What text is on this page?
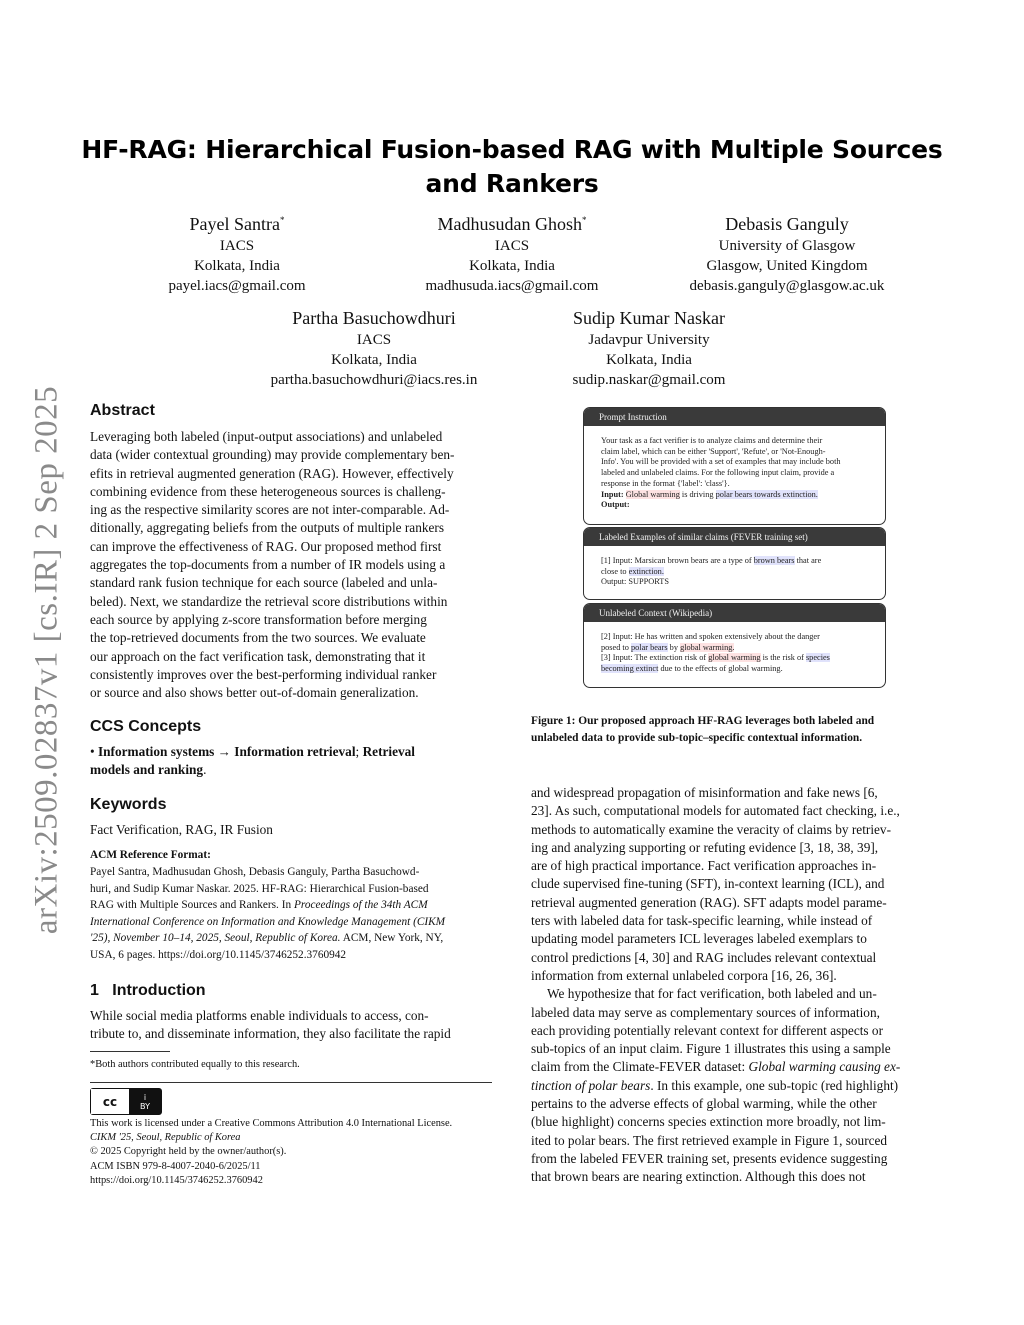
arXiv:2509.02837v1 [cs.IR] 2 Sep 2025
HF-RAG: Hierarchical Fusion-based RAG with Multiple Sources and Rankers
Payel Santra*
IACS
Kolkata, India
payel.iacs@gmail.com
Madhusudan Ghosh*
IACS
Kolkata, India
madhusuda.iacs@gmail.com
Debasis Ganguly
University of Glasgow
Glasgow, United Kingdom
debasis.ganguly@glasgow.ac.uk
Partha Basuchowdhuri
IACS
Kolkata, India
partha.basuchowdhuri@iacs.res.in
Sudip Kumar Naskar
Jadavpur University
Kolkata, India
sudip.naskar@gmail.com
Abstract
Leveraging both labeled (input-output associations) and unlabeled
data (wider contextual grounding) may provide complementary ben-
efits in retrieval augmented generation (RAG). However, effectively
combining evidence from these heterogeneous sources is challeng-
ing as the respective similarity scores are not inter-comparable. Ad-
ditionally, aggregating beliefs from the outputs of multiple rankers
can improve the effectiveness of RAG. Our proposed method first
aggregates the top-documents from a number of IR models using a
standard rank fusion technique for each source (labeled and unla-
beled). Next, we standardize the retrieval score distributions within
each source by applying z-score transformation before merging
the top-retrieved documents from the two sources. We evaluate
our approach on the fact verification task, demonstrating that it
consistently improves over the best-performing individual ranker
or source and also shows better out-of-domain generalization.
CCS Concepts
• Information systems → Information retrieval; Retrieval
models and ranking.
Keywords
Fact Verification, RAG, IR Fusion
ACM Reference Format:
Payel Santra, Madhusudan Ghosh, Debasis Ganguly, Partha Basuchowd-
huri, and Sudip Kumar Naskar. 2025. HF-RAG: Hierarchical Fusion-based
RAG with Multiple Sources and Rankers. In Proceedings of the 34th ACM
International Conference on Information and Knowledge Management (CIKM
'25), November 10–14, 2025, Seoul, Republic of Korea. ACM, New York, NY,
USA, 6 pages. https://doi.org/10.1145/3746252.3760942
1 Introduction
While social media platforms enable individuals to access, con-
tribute to, and disseminate information, they also facilitate the rapid
*Both authors contributed equally to this research.
cc	i
BY
This work is licensed under a Creative Commons Attribution 4.0 International License.
CIKM '25, Seoul, Republic of Korea
© 2025 Copyright held by the owner/author(s).
ACM ISBN 979-8-4007-2040-6/2025/11
https://doi.org/10.1145/3746252.3760942
Prompt Instruction
Your task as a fact verifier is to analyze claims and determine their
claim label, which can be either 'Support', 'Refute', or 'Not-Enough-
Info'. You will be provided with a set of examples that may include both
labeled and unlabeled claims. For the following input claim, provide a
response in the format {'label': 'class'}.
Input: Global warming is driving polar bears towards extinction.
Output:
Labeled Examples of similar claims (FEVER training set)
[1] Input: Marsican brown bears are a type of brown bears that are
close to extinction.
Output: SUPPORTS
Unlabeled Context (Wikipedia)
[2] Input: He has written and spoken extensively about the danger
posed to polar bears by global warming.
[3] Input: The extinction risk of global warming is the risk of species
becoming extinct due to the effects of global warming.
Figure 1: Our proposed approach HF-RAG leverages both labeled and
unlabeled data to provide sub-topic–specific contextual information.
and widespread propagation of misinformation and fake news [6,
23]. As such, computational models for automated fact checking, i.e.,
methods to automatically examine the veracity of claims by retriev-
ing and analyzing supporting or refuting evidence [3, 18, 38, 39],
are of high practical importance. Fact verification approaches in-
clude supervised fine-tuning (SFT), in-context learning (ICL), and
retrieval augmented generation (RAG). SFT adapts model parame-
ters with labeled data for task-specific learning, while instead of
updating model parameters ICL leverages labeled exemplars to
control predictions [4, 30] and RAG includes relevant contextual
information from external unlabeled corpora [16, 26, 36].
We hypothesize that for fact verification, both labeled and un-
labeled data may serve as complementary sources of information,
each providing potentially relevant context for different aspects or
sub-topics of an input claim. Figure 1 illustrates this using a sample
claim from the Climate-FEVER dataset: Global warming causing ex-
tinction of polar bears. In this example, one sub-topic (red highlight)
pertains to the adverse effects of global warming, while the other
(blue highlight) concerns species extinction more broadly, not lim-
ited to polar bears. The first retrieved example in Figure 1, sourced
from the labeled FEVER training set, presents evidence suggesting
that brown bears are nearing extinction. Although this does not
